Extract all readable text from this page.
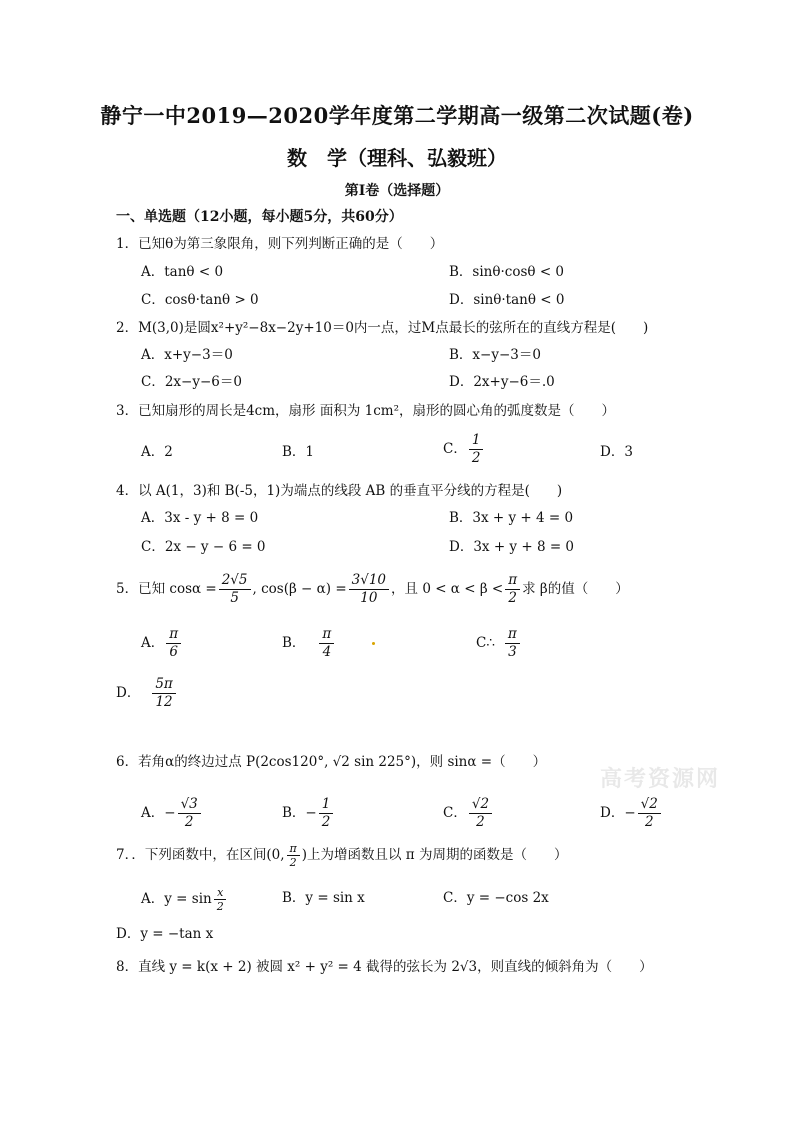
静宁一中2019—2020学年度第二学期高一级第二次试题(卷)
数　学（理科、弘毅班）
第I卷（选择题）
一、单选题（12小题，每小题5分，共60分）
1．已知θ为第三象限角，则下列判断正确的是（　　）
A．tanθ < 0	B．sinθ·cosθ < 0
C．cosθ·tanθ > 0	D．sinθ·tanθ < 0
2．M(3,0)是圆x²+y²−8x−2y+10＝0内一点，过M点最长的弦所在的直线方程是(　　)
A．x+y−3＝0	B．x−y−3＝0
C．2x−y−6＝0	D．2x+y−6＝.0
3．已知扇形的周长是4cm，扇形 面积为 1cm²，扇形的圆心角的弧度数是（　　）
A．2	B．1	C． $\frac{1}{2}$	D．3
4．以 A(1，3)和 B(-5，1)为端点的线段 AB 的垂直平分线的方程是(　　)
A．3x - y + 8 = 0	B．3x + y + 4 = 0
C．2x − y − 6 = 0	D．3x + y + 8 = 0
5．已知 $\cos\alpha = \frac{2√5}{5}$ , $\cos(\beta - \alpha) = \frac{3√10}{10}$ ，且 $0 < \alpha < \beta < \frac{\pi}{2}$ 求 β的值（　　）
A． $\frac{\pi}{6}$	B． $\frac{\pi}{4}$	C∴ $\frac{\pi}{3}$
D． $\frac{5\pi}{12}$
高考资源网
6．若角α的终边过点 P(2cos120°, √2 sin 225°)，则 sinα =（　　）
A．− $\frac{√3}{2}$	B．− $\frac{1}{2}$	C． $\frac{√2}{2}$	D．− $\frac{√2}{2}$
7．．下列函数中，在区间(0, $\frac{\pi}{2}$ )上为增函数且以 π 为周期的函数是（　　）
A．$y = \sin \frac{x}{2}$	B．y = sin x	C．y = −cos 2x
D．y = −tan x
8．直线 y = k(x + 2) 被圆 x² + y² = 4 截得的弦长为 2√3，则直线的倾斜角为（　　）
